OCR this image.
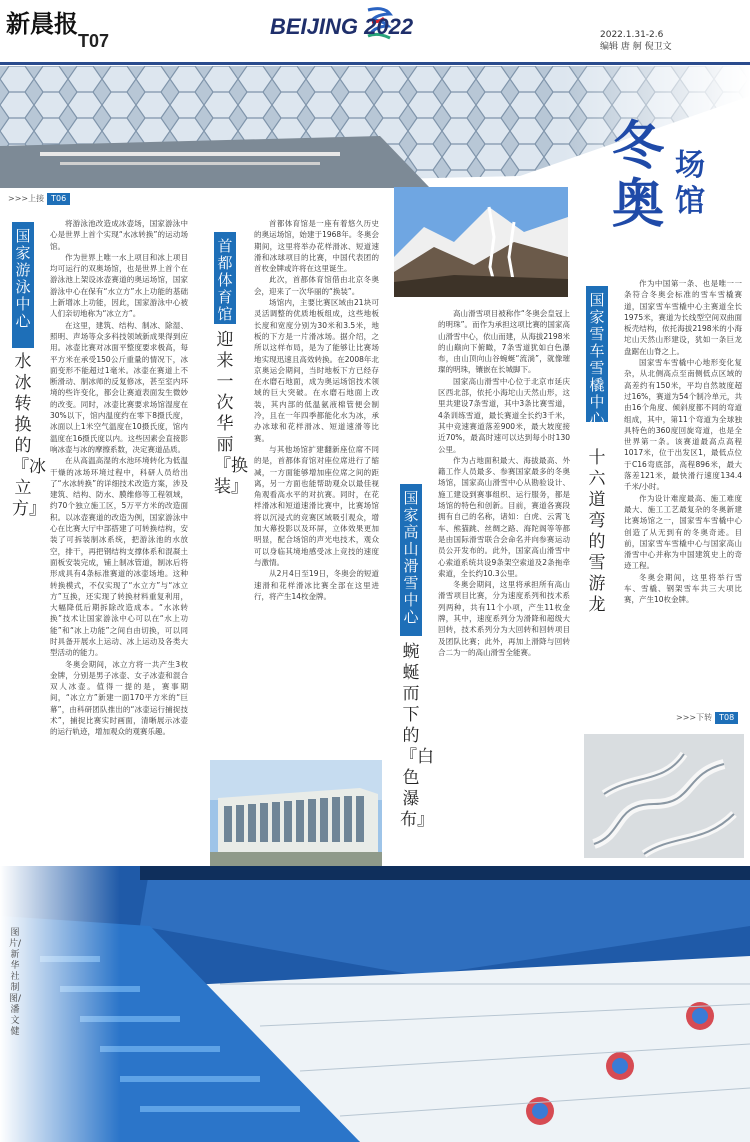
新晨报
T07
BEIJING 2022	2022.1.31-2.6
编辑 唐 舸 倪卫文
冬奥
场馆
>>>上接 T06
国家游泳中心
水冰转换的『冰立方』

将游泳池改造成冰壶场，国家游泳中心是世界上首个实现“水冰转换”的运动场馆。

作为世界上唯一水上项目和冰上项目均可运行的双奥场馆，也是世界上首个在游泳池上架设冰壶赛道的奥运场馆，国家游泳中心在保有“水立方”水上功能的基础上新增冰上功能，因此，国家游泳中心被人们亲切地称为“冰立方”。

在这里，建筑、结构、制冰、除湿、照明、声场等众多科技领域新成果得到应用。冰壶比赛对冰面平整度要求极高，每平方米在承受150公斤重量的情况下，冰面变形不能超过1毫米。冰壶在赛道上不断滑动、制冰师的反复修冰，甚至室内环境的些许变化，都会让赛道表面发生微妙的改变。同时，冰壶比赛要求场馆湿度在30%以下，馆内温度约在零下8摄氏度，冰面以上1米空气温度在10摄氏度，馆内温度在16摄氏度以内。这些因素会直接影响冰壶与冰的摩擦系数，决定赛道品质。

在从高温高湿的水池环境转化为低温干燥的冰场环境过程中，科研人员给出了“水冰转换”的详细技术改造方案，涉及建筑、结构、防水、膜维修等工程领域，约70个独立施工区，5万平方米的改造面积。以冰壶赛道的改造为例，国家游泳中心在比赛大厅中部搭建了可转换结构，安装了可拆装制冰系统，把游泳池的水放空，排干，再把钢结构支撑体系和混凝土面板安装完成，铺上制冰管道，制冰后将形成具有4条标准赛道的冰壶场地。这种转换模式，不仅实现了“水立方”与“冰立方”互换，还实现了转换材料重复利用，大幅降低后期拆除改造成本。“水冰转换”技术让国家游泳中心可以在“水上功能”和“冰上功能”之间自由切换，可以同时具备开展水上运动、冰上运动及各类大型活动的能力。

冬奥会期间，冰立方将一共产生3枚金牌，分别是男子冰壶、女子冰壶和混合双人冰壶。值得一提的是，赛事期间，“冰立方”新建一面170平方米的“巨幕”，由科研团队推出的“冰壶运行捕捉技术”，捕捉比赛实时画面，清晰展示冰壶的运行轨迹，增加观众的观赛乐趣。

首都体育馆
迎来一次华丽『换装』

首都体育馆是一座有着悠久历史的奥运场馆，始建于1968年。冬奥会期间，这里将举办花样滑冰、短道速滑和冰球项目的比赛，中国代表团的首枚金牌或许将在这里诞生。

此次，首都体育馆借由北京冬奥会，迎来了一次华丽的“换装”。

场馆内，主要比赛区域由21块可灵活调整的优质地板组成，这些地板长度和宽度分别为30米和3.5米，地板的下方是一片滑冰场。据介绍，之所以这样布局，是为了能够让比赛场地实现迅速且高效转换。在2008年北京奥运会期间，当时地板下方已经存在水磨石地面，成为奥运场馆技术领域的巨大突破。在水磨石地面上改装，其内部的低温氨液棉管便会制冷，且在一年四季都能化水为冰，承办冰球和花样滑冰、短道速滑等比赛。

与其他场馆扩建翻新座位席不同的是，首都体育馆对座位席进行了缩减，一方面能够增加座位席之间的距离，另一方面也能帮助观众以最佳视角观看高水平的对抗赛。同时，在花样滑冰和短道速滑比赛中，比赛场馆将以沉浸式的竞赛区域吸引观众，增加大幕投影以及环屏，立体效果更加明显，配合场馆的声光电技术，观众可以身临其境地感受冰上竞技的速度与激情。

从2月4日至19日，冬奥会的短道速滑和花样滑冰比赛全部在这里进行，将产生14枚金牌。

国家高山滑雪中心
蜿蜒而下的『白色瀑布』

高山滑雪项目被称作“冬奥会皇冠上的明珠”。而作为承担这项比赛的国家高山滑雪中心，依山而建，从海拔2198米的山巅向下俯瞰，7条雪道犹如白色瀑布，由山顶向山谷蜿蜒“流淌”，就像璀璨的明珠，镶嵌在长城脚下。

国家高山滑雪中心位于北京市延庆区西北部，依托小海坨山天然山形，这里共建设7条雪道，其中3条比赛雪道，4条训练雪道，最长赛道全长约3千米，其中竞速赛道落差900米，最大坡度接近70%，最高时速可以达到每小时130公里。

作为占地面积最大、海拔最高、外籍工作人员最多、参赛国家最多的冬奥场馆，国家高山滑雪中心从勘验设计、施工建设到赛事组织、运行服务，都是场馆的特色和创新。目前，赛道各赛段拥有自己的名称，诸如：白虎、云霄飞车、熊猫跳、丝绸之路、海陀阁等等都是由国际滑雪联合会命名并向参赛运动员公开发布的。此外，国家高山滑雪中心索道系统共设9条架空索道及2条拖牵索道，全长约10.3公里。

冬奥会期间，这里将承担所有高山滑雪项目比赛，分为速度系列和技术系列两种，共有11个小项，产生11枚金牌，其中，速度系列分为滑降和超级大回转，技术系列分为大回转和回转项目及团队比赛；此外，再加上滑降与回转合二为一的高山滑雪全能赛。

国家雪车雪橇中心
十六道弯的雪游龙

作为中国第一条、也是唯一一条符合冬奥会标准的雪车雪橇赛道，国家雪车雪橇中心主赛道全长1975米，赛道为长线型空间双曲面板壳结构，依托海拔2198米的小海坨山天然山形建设，犹如一条巨龙盘踞在山脊之上。

国家雪车雪橇中心地形变化复杂，从北侧高点至南侧低点区域的高差约有150米，平均自然坡度超过16%，赛道为54个制冷单元，共由16个角度、倾斜度都不同的弯道组成，其中，第11个弯道为全球独具特色的360度回旋弯道，也是全世界第一条。该赛道最高点高程1017米，位于出发区1，最低点位于C16弯底部，高程896米，最大落差121米，最快滑行速度134.4千米/小时。

作为设计难度最高、施工难度最大、施工工艺最复杂的冬奥新建比赛场馆之一，国家雪车雪橇中心创造了从无到有的冬奥奇迹。目前，国家雪车雪橇中心与国家高山滑雪中心并称为中国建筑史上的奇迹工程。

冬奥会期间，这里将举行雪车、雪橇、钢架雪车共三大项比赛，产生10枚金牌。

>>>下转 T08
图片/新华社 制图/潘文健
